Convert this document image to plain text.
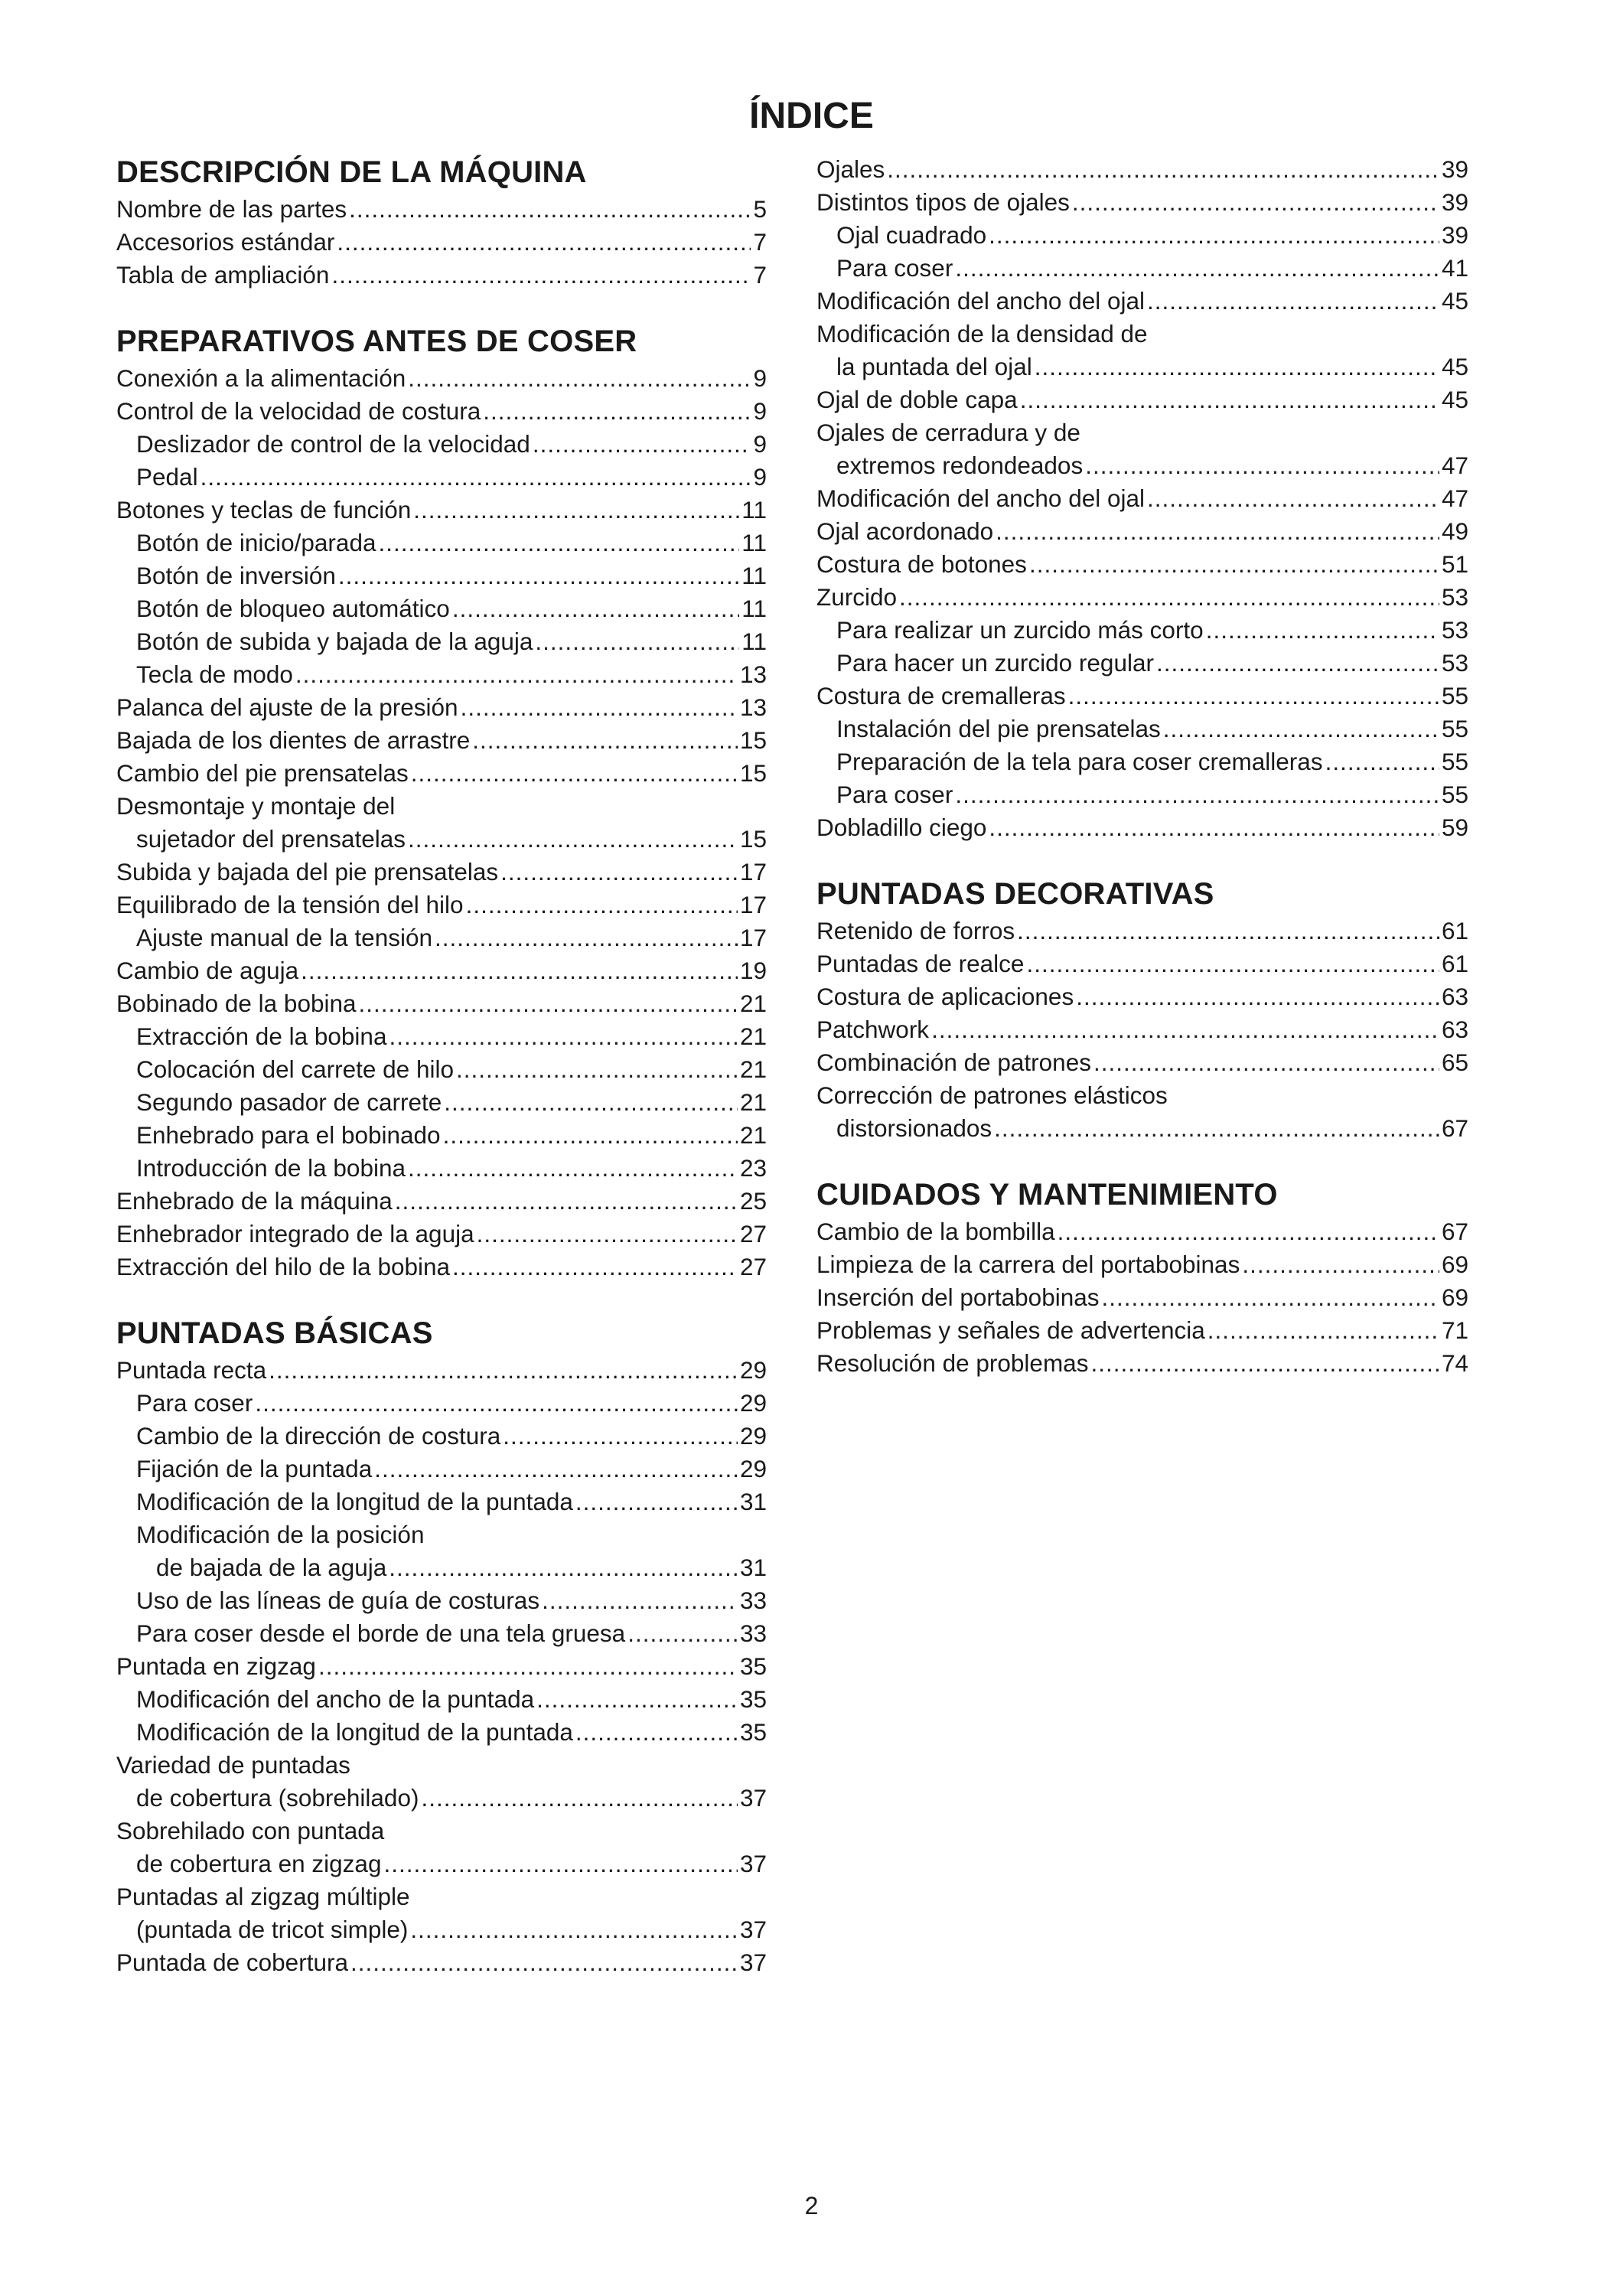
ÍNDICE
DESCRIPCIÓN DE LA MÁQUINA
Nombre de las partes .....	5
Accesorios estándar .....	7
Tabla de ampliación .....	7
PREPARATIVOS ANTES DE COSER
Conexión a la alimentación .....	9
Control de la velocidad de costura .....	9
Deslizador de control de la velocidad .....	9
Pedal .....	9
Botones y teclas de función .....	11
Botón de inicio/parada .....	11
Botón de inversión .....	11
Botón de bloqueo automático .....	11
Botón de subida y bajada de la aguja .....	11
Tecla de modo .....	13
Palanca del ajuste de la presión .....	13
Bajada de los dientes de arrastre .....	15
Cambio del pie prensatelas .....	15
Desmontaje y montaje del
sujetador del prensatelas .....	15
Subida y bajada del pie prensatelas .....	17
Equilibrado de la tensión del hilo .....	17
Ajuste manual de la tensión .....	17
Cambio de aguja .....	19
Bobinado de la bobina .....	21
Extracción de la bobina .....	21
Colocación del carrete de hilo .....	21
Segundo pasador de carrete .....	21
Enhebrado para el bobinado .....	21
Introducción de la bobina .....	23
Enhebrado de la máquina .....	25
Enhebrador integrado de la aguja .....	27
Extracción del hilo de la bobina .....	27
PUNTADAS BÁSICAS
Puntada recta .....	29
Para coser .....	29
Cambio de la dirección de costura .....	29
Fijación de la puntada .....	29
Modificación de la longitud de la puntada .....	31
Modificación de la posición
de bajada de la aguja .....	31
Uso de las líneas de guía de costuras .....	33
Para coser desde el borde de una tela gruesa .....	33
Puntada en zigzag .....	35
Modificación del ancho de la puntada .....	35
Modificación de la longitud de la puntada .....	35
Variedad de puntadas
de cobertura (sobrehilado) .....	37
Sobrehilado con puntada
de cobertura en zigzag .....	37
Puntadas al zigzag múltiple
(puntada de tricot simple) .....	37
Puntada de cobertura .....	37
Ojales .....	39
Distintos tipos de ojales .....	39
Ojal cuadrado .....	39
Para coser .....	41
Modificación del ancho del ojal .....	45
Modificación de la densidad de
la puntada del ojal .....	45
Ojal de doble capa .....	45
Ojales de cerradura y de
extremos redondeados .....	47
Modificación del ancho del ojal .....	47
Ojal acordonado .....	49
Costura de botones .....	51
Zurcido .....	53
Para realizar un zurcido más corto .....	53
Para hacer un zurcido regular .....	53
Costura de cremalleras .....	55
Instalación del pie prensatelas .....	55
Preparación de la tela para coser cremalleras .....	55
Para coser .....	55
Dobladillo ciego .....	59
PUNTADAS DECORATIVAS
Retenido de forros .....	61
Puntadas de realce .....	61
Costura de aplicaciones .....	63
Patchwork .....	63
Combinación de patrones .....	65
Corrección de patrones elásticos
distorsionados .....	67
CUIDADOS Y MANTENIMIENTO
Cambio de la bombilla .....	67
Limpieza de la carrera del portabobinas .....	69
Inserción del portabobinas .....	69
Problemas y señales de advertencia .....	71
Resolución de problemas .....	74
2
